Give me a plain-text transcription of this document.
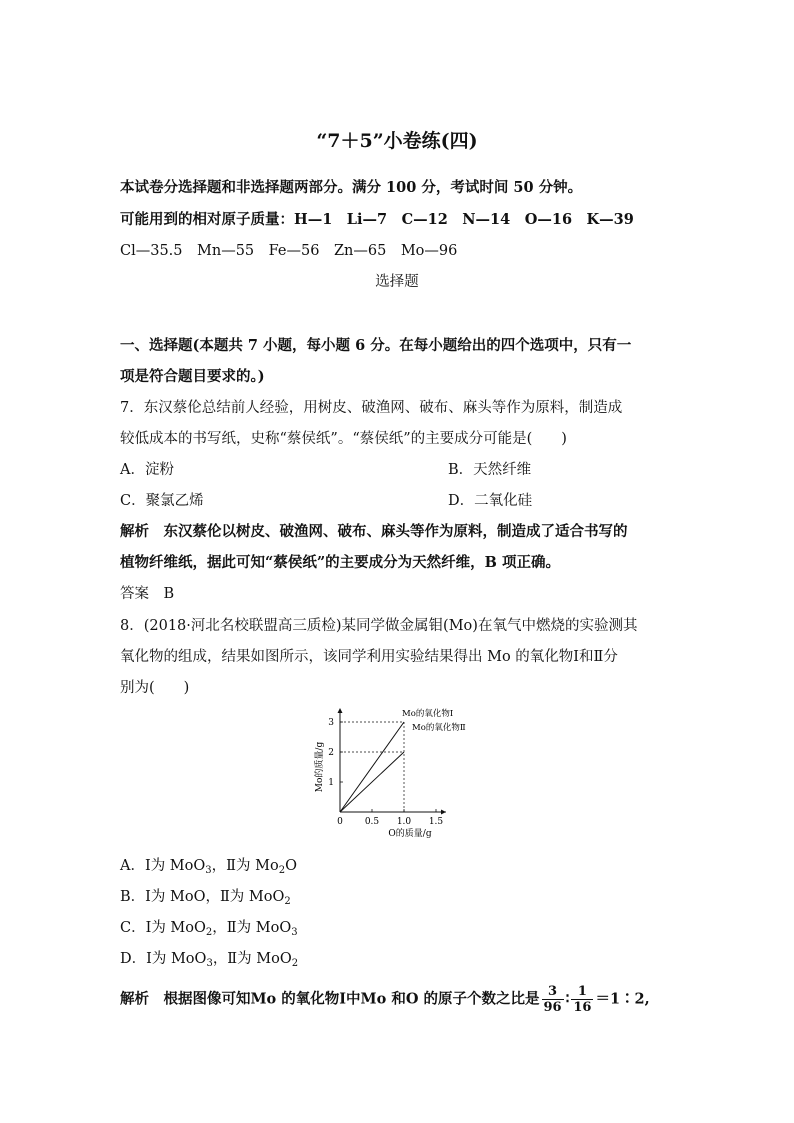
“7＋5”小卷练(四)
本试卷分选择题和非选择题两部分。满分 100 分，考试时间 50 分钟。
可能用到的相对原子质量：H—1　Li—7　C—12　N—14　O—16　K—39
Cl—35.5　Mn—55　Fe—56　Zn—65　Mo—96
选择题
一、选择题(本题共 7 小题，每小题 6 分。在每小题给出的四个选项中，只有一
项是符合题目要求的。)
7．东汉蔡伦总结前人经验，用树皮、破渔网、破布、麻头等作为原料，制造成
较低成本的书写纸，史称“蔡侯纸”。“蔡侯纸”的主要成分可能是(　　)
A．淀粉	B．天然纤维
C．聚氯乙烯	D．二氧化硅
解析　东汉蔡伦以树皮、破渔网、破布、麻头等作为原料，制造成了适合书写的
植物纤维纸，据此可知“蔡侯纸”的主要成分为天然纤维，B 项正确。
答案　B
8．(2018·河北名校联盟高三质检)某同学做金属钼(Mo)在氧气中燃烧的实验测其
氧化物的组成，结果如图所示，该同学利用实验结果得出 Mo 的氧化物Ⅰ和Ⅱ分
别为(　　)
0 0.5 1.0 1.5
1
2
3
Mo的氧化物Ⅰ
Mo的氧化物Ⅱ
O的质量/g
Mo的质量/g
A．Ⅰ为 MoO$_3$，Ⅱ为 $Mo_2O$
B．Ⅰ为 MoO，Ⅱ为 MoO$_2$
C．Ⅰ为 MoO$_2$，Ⅱ为 MoO$_3$
D．Ⅰ为 MoO$_3$，Ⅱ为 MoO$_2$
解析　根据图像可知Mo 的氧化物Ⅰ中Mo 和O 的原子个数之比是 $\frac{3}{96}$ ∶ $\frac{1}{16}$ ＝1∶2,
